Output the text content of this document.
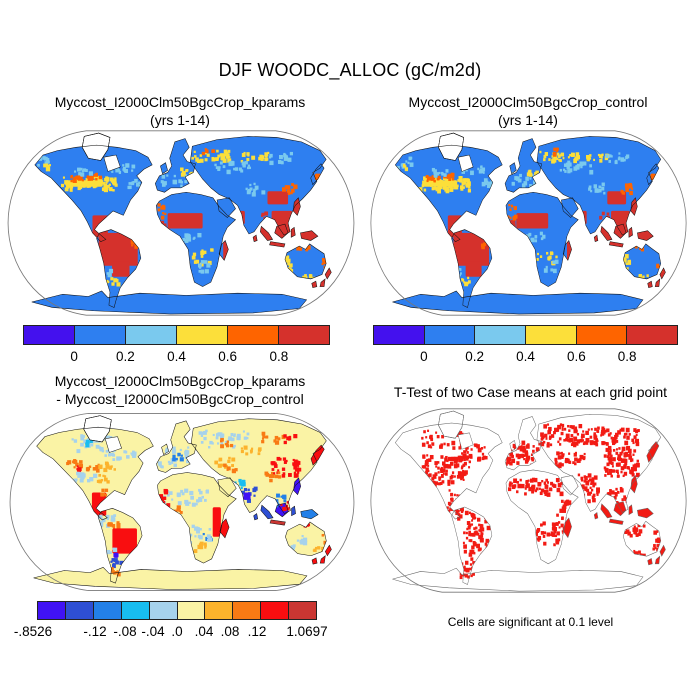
DJF WOODC_ALLOC (gC/m2d)
Myccost_I2000Clm50BgcCrop_kparams
(yrs 1-14)
Myccost_I2000Clm50BgcCrop_control
(yrs 1-14)
0	0.2 0.4 0.6 0.8	0	0.2 0.4 0.6 0.8
Myccost_I2000Clm50BgcCrop_kparams
- Myccost_I2000Clm50BgcCrop_control	T-Test of two Case means at each grid point
-.8526 -.12 -.08 -.04 .0 .04 .08 .12 1.0697
Cells are significant at 0.1 level
